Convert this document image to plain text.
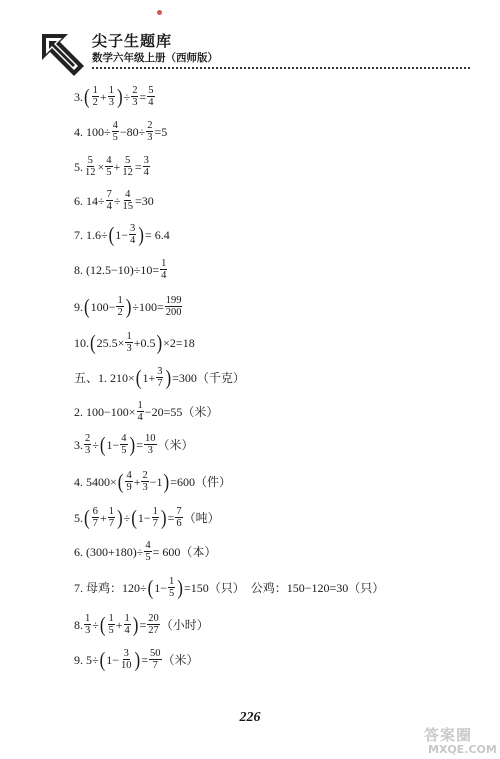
尖子生题库
数学六年级上册（西师版）
3. ( $\frac{1}{2} + \frac{1}{3}$ ) ÷ $\frac{2}{3} = \frac{5}{4}$
4. $100\div \frac{4}{5} -80\div \frac{2}{3} =5$
5. $\frac{5}{12} \times \frac{4}{5} + \frac{5}{12} = \frac{3}{4}$
6. $14\div \frac{7}{4} \div \frac{4}{15} =30$
7. 1.6÷ ( $1- \frac{3}{4}$ ) = 6.4
8. $(12.5-10)\div 10= \frac{1}{4}$
9. ( $100- \frac{1}{2}$ ) $\div 100= \frac{199}{200}$
10. ( $25.5\times \frac{1}{3} +0.5$ ) ×2=18
五、1. 210× ( $1+ \frac{3}{7}$ ) =300（千克）
2. $100-100\times \frac{1}{4} -20=55$（米）
3. $\frac{2}{3}$ ÷ ( $1- \frac{4}{5}$ ) = $\frac{10}{3}$ （米）
4. 5400× ( $\frac{4}{9} + \frac{2}{3} -1$ ) =600（件）
5. ( $\frac{6}{7} + \frac{1}{7}$ ) ÷ ( $1- \frac{1}{7}$ ) = $\frac{7}{6}$ （吨）
6. $(300+180)\div \frac{4}{5} = 600$（本）
7. 母鸡：120÷ ( $1- \frac{1}{5}$ ) =150（只）　公鸡：150−120=30（只）
8. $\frac{1}{3}$ ÷ ( $\frac{1}{5} + \frac{1}{4}$ ) = $\frac{20}{27}$ （小时）
9. 5÷ ( $1- \frac{3}{10}$ ) = $\frac{50}{7}$ （米）
226
答案圈
MXQE.COM
